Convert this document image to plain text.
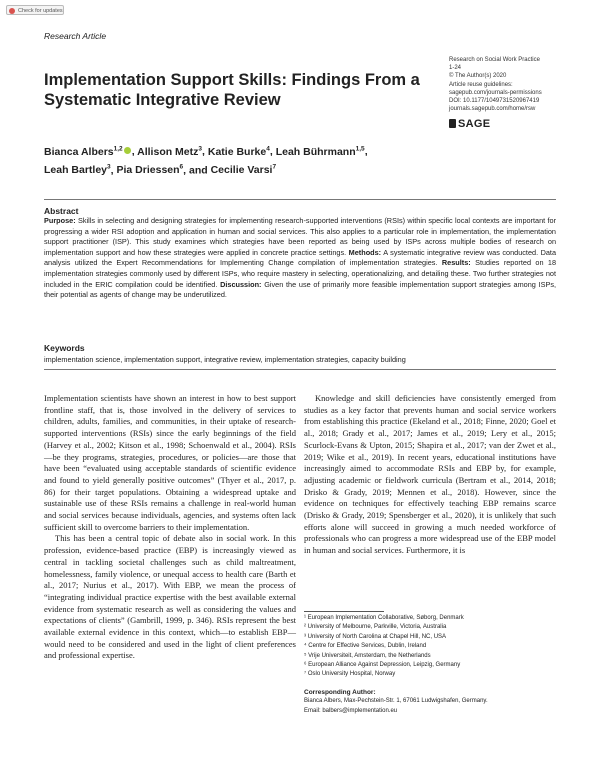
Check for updates
Research Article
Research on Social Work Practice
1-24
© The Author(s) 2020
Article reuse guidelines:
sagepub.com/journals-permissions
DOI: 10.1177/1049731520967419
journals.sagepub.com/home/rsw
SAGE
Implementation Support Skills: Findings From a Systematic Integrative Review
Bianca Albers$^{1,2}$ , Allison Metz$^3$, Katie Burke$^4$, Leah Bührmann$^{1,5}$,
Leah Bartley$^3$, Pia Driessen$^6$, and Cecilie Varsi$^7$
Abstract
Purpose: Skills in selecting and designing strategies for implementing research-supported interventions (RSIs) within specific local contexts are important for progressing a wider RSI adoption and application in human and social services. This also applies to a particular role in implementation, the implementation support practitioner (ISP). This study examines which strategies have been reported as being used by ISPs across multiple bodies of research on implementation support and how these strategies were applied in concrete practice settings. Methods: A systematic integrative review was conducted. Data analysis utilized the Expert Recommendations for Implementing Change compilation of implementation strategies. Results: Studies reported on 18 implementation strategies commonly used by different ISPs, who require mastery in selecting, operationalizing, and detailing these. Two further strategies not included in the ERIC compilation could be identified. Discussion: Given the use of primarily more feasible implementation support strategies among ISPs, their potential as agents of change may be underutilized.
Keywords
implementation science, implementation support, integrative review, implementation strategies, capacity building

Implementation scientists have shown an interest in how to best support frontline staff, that is, those involved in the delivery of services to children, adults, families, and communities, in their uptake of research-supported interventions (RSIs) since the early beginnings of the field (Harvey et al., 2002; Kitson et al., 1998; Schoenwald et al., 2004). RSIs—be they programs, strategies, procedures, or policies—are those that have been “evaluated using acceptable standards of scientific evidence and found to yield generally positive outcomes” (Thyer et al., 2017, p. 86) for their target populations. Obtaining a widespread uptake and sustainable use of these RSIs remains a challenge in real-world human and social services because individuals, agencies, and systems often lack sufficient skill to overcome barriers to their implementation.

This has been a central topic of debate also in social work. In this profession, evidence-based practice (EBP) is increasingly viewed as central in tackling societal challenges such as child maltreatment, homelessness, family violence, or unequal access to health care (Barth et al., 2017; Nurius et al., 2017). With EBP, we mean the process of “integrating individual practice expertise with the best available external evidence from systematic research as well as considering the values and expectations of clients” (Gambrill, 1999, p. 346). RSIs represent the best available external evidence in this context, which—to establish EBP—would need to be considered and used in the light of client preferences and professional expertise.

Knowledge and skill deficiencies have consistently emerged from studies as a key factor that prevents human and social service workers from establishing this practice (Ekeland et al., 2018; Finne, 2020; Goel et al., 2018; Grady et al., 2017; James et al., 2019; Lery et al., 2015; Scurlock-Evans & Upton, 2015; Shapira et al., 2017; van der Zwet et al., 2019; Wike et al., 2019). In recent years, educational institutions have increasingly aimed to accommodate RSIs and EBP by, for example, adjusting academic or fieldwork curricula (Bertram et al., 2014, 2018; Drisko & Grady, 2019; Mennen et al., 2018). However, since the evidence on techniques for effectively teaching EBP remains scarce (Drisko & Grady, 2019; Spensberger et al., 2020), it is unlikely that such efforts alone will succeed in growing a much needed workforce of professionals who can progress a more widespread use of the EBP model in human and social services. Furthermore, it is

¹ European Implementation Collaborative, Søborg, Denmark
² University of Melbourne, Parkville, Victoria, Australia
³ University of North Carolina at Chapel Hill, NC, USA
⁴ Centre for Effective Services, Dublin, Ireland
⁵ Vrije Universiteit, Amsterdam, the Netherlands
⁶ European Alliance Against Depression, Leipzig, Germany
⁷ Oslo University Hospital, Norway
Corresponding Author:
Bianca Albers, Max-Pechstein-Str. 1, 67061 Ludwigshafen, Germany.
Email: balbers@implementation.eu
